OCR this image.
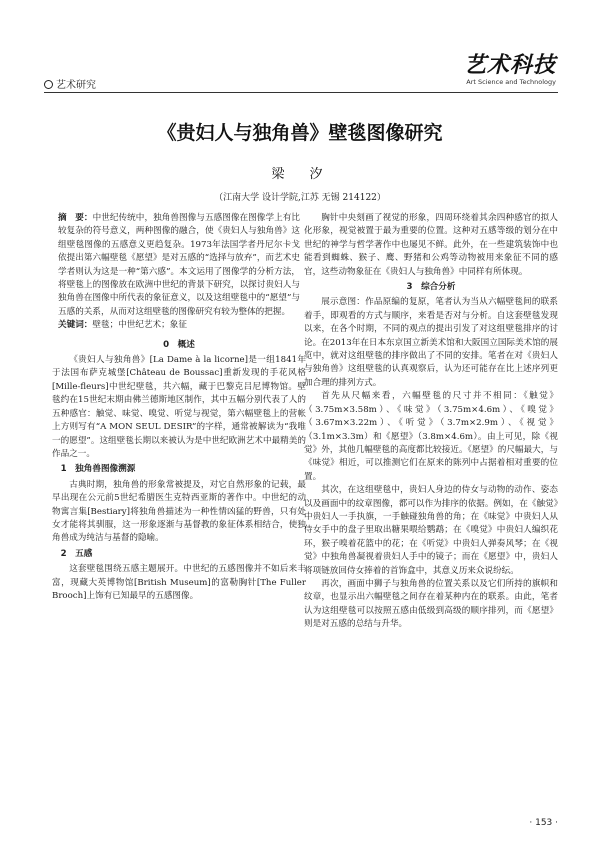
艺术研究
艺术科技
Art Science and Technology
《贵妇人与独角兽》壁毯图像研究
梁　汐
（江南大学 设计学院,江苏 无锡 214122）

摘　要：中世纪传统中，独角兽图像与五感图像在图像学上有比较复杂的符号意义，两种图像的融合，使《贵妇人与独角兽》这组壁毯图像的五感意义更趋复杂。1973年法国学者丹尼尔卡戈依提出第六幅壁毯《愿望》是对五感的“选择与放弃”，而艺术史学者则认为这是一种“第六感”。本文运用了图像学的分析方法，将壁毯上的图像放在欧洲中世纪的背景下研究，以探讨贵妇人与独角兽在图像中所代表的象征意义，以及这组壁毯中的“愿望”与五感的关系，从而对这组壁毯的图像研究有较为整体的把握。

关键词：壁毯；中世纪艺术；象征

0　概述

《贵妇人与独角兽》[La Dame à la licorne]是一组1841年于法国布萨克城堡[Château de Boussac]重新发现的手花风格[Mille-fleurs]中世纪壁毯，共六幅，藏于巴黎克吕尼博物馆。壁毯约在15世纪末期由佛兰德斯地区制作，其中五幅分别代表了人的五种感官：触觉、味觉、嗅觉、听觉与视觉，第六幅壁毯上的营帐上方则写有“A MON SEUL DESIR”的字样，通常被解读为“我唯一的愿望”。这组壁毯长期以来被认为是中世纪欧洲艺术中最精美的作品之一。

1　独角兽图像溯源

古典时期，独角兽的形象常被提及，对它自然形象的记载，最早出现在公元前5世纪希腊医生克特西亚斯的著作中。中世纪的动物寓言集[Bestiary]将独角兽描述为一种性情凶猛的野兽，只有处女才能将其驯服，这一形象逐渐与基督教的象征体系相结合，使独角兽成为纯洁与基督的隐喻。

2　五感

这套壁毯围绕五感主题展开。中世纪的五感图像并不如后来丰富，现藏大英博物馆[British Museum]的富勒胸针[The Fuller Brooch]上饰有已知最早的五感图像。

胸针中央刻画了视觉的形象，四周环绕着其余四种感官的拟人化形象，视觉被置于最为重要的位置。这种对五感等级的划分在中世纪的神学与哲学著作中也屡见不鲜。此外，在一些建筑装饰中也能看到蜘蛛、猴子、鹰、野猪和公鸡等动物被用来象征不同的感官，这些动物象征在《贵妇人与独角兽》中同样有所体现。

3　综合分析

展示意图：作品原编的复原，笔者认为当从六幅壁毯间的联系着手，即观看的方式与顺序，来看是否对与分析。自这套壁毯发现以来，在各个时期，不同的观点的提出引发了对这组壁毯排序的讨论。在2013年在日本东京国立新美术馆和大阪国立国际美术馆的展览中，就对这组壁毯的排序做出了不同的安排。笔者在对《贵妇人与独角兽》这组壁毯的认真观察后，认为还可能存在比上述序列更加合理的排列方式。

首先从尺幅来看，六幅壁毯的尺寸并不相同：《触觉》（3.75m×3.58m）、《味觉》（3.75m×4.6m）、《嗅觉》（3.67m×3.22m）、《听觉》（3.7m×2.9m）、《视觉》（3.1m×3.3m）和《愿望》（3.8m×4.6m）。由上可见，除《视觉》外，其他几幅壁毯的高度都比较接近。《愿望》的尺幅最大，与《味觉》相近，可以推测它们在原来的陈列中占据着相对重要的位置。

其次，在这组壁毯中，贵妇人身边的侍女与动物的动作、姿态以及画面中的纹章图像，都可以作为排序的依据。例如，在《触觉》中贵妇人一手执旗，一手触碰独角兽的角；在《味觉》中贵妇人从侍女手中的盘子里取出糖果喂给鹦鹉；在《嗅觉》中贵妇人编织花环，猴子嗅着花篮中的花；在《听觉》中贵妇人弹奏风琴；在《视觉》中独角兽凝视着贵妇人手中的镜子；而在《愿望》中，贵妇人将项链放回侍女捧着的首饰盒中，其意义历来众说纷纭。

再次，画面中狮子与独角兽的位置关系以及它们所持的旗帜和纹章，也显示出六幅壁毯之间存在着某种内在的联系。由此，笔者认为这组壁毯可以按照五感由低级到高级的顺序排列，而《愿望》则是对五感的总结与升华。

· 153 ·
